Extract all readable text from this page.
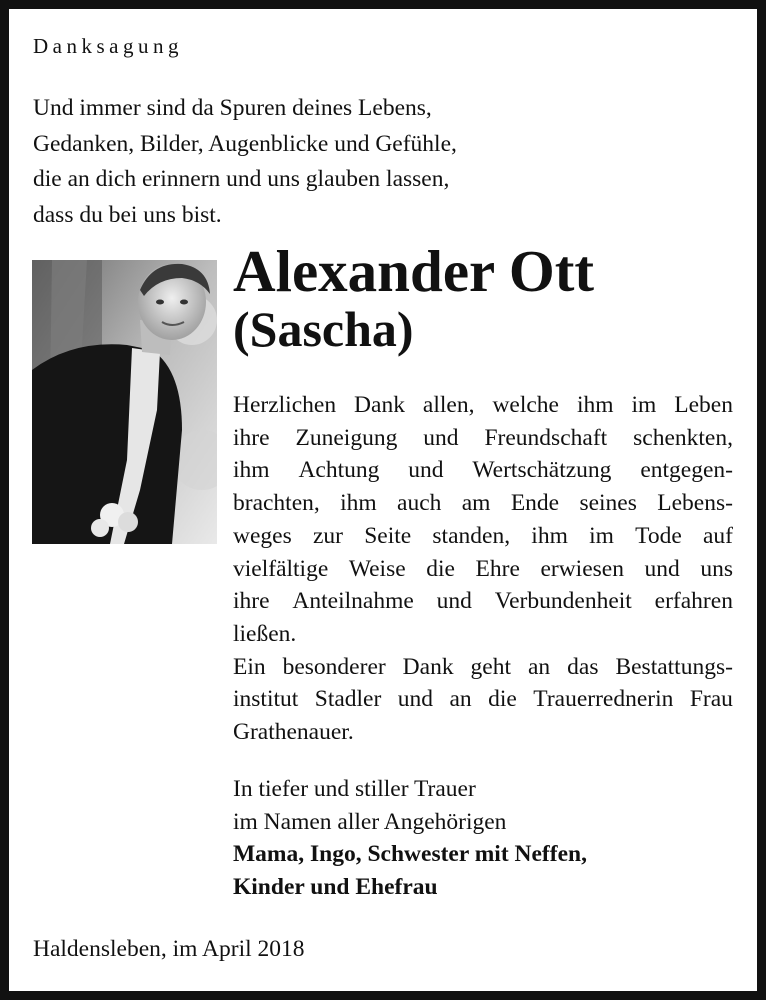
Danksagung
Und immer sind da Spuren deines Lebens,
Gedanken, Bilder, Augenblicke und Gefühle,
die an dich erinnern und uns glauben lassen,
dass du bei uns bist.
Alexander Ott
(Sascha)
Herzlichen Dank allen, welche ihm im Leben
ihre Zuneigung und Freundschaft schenkten,
ihm Achtung und Wertschätzung entgegen-
brachten, ihm auch am Ende seines Lebens-
weges zur Seite standen, ihm im Tode auf
vielfältige Weise die Ehre erwiesen und uns
ihre Anteilnahme und Verbundenheit erfahren
ließen.
Ein besonderer Dank geht an das Bestattungs-
institut Stadler und an die Trauerrednerin Frau
Grathenauer.
In tiefer und stiller Trauer
im Namen aller Angehörigen
Mama, Ingo, Schwester mit Neffen,
Kinder und Ehefrau
Haldensleben, im April 2018
